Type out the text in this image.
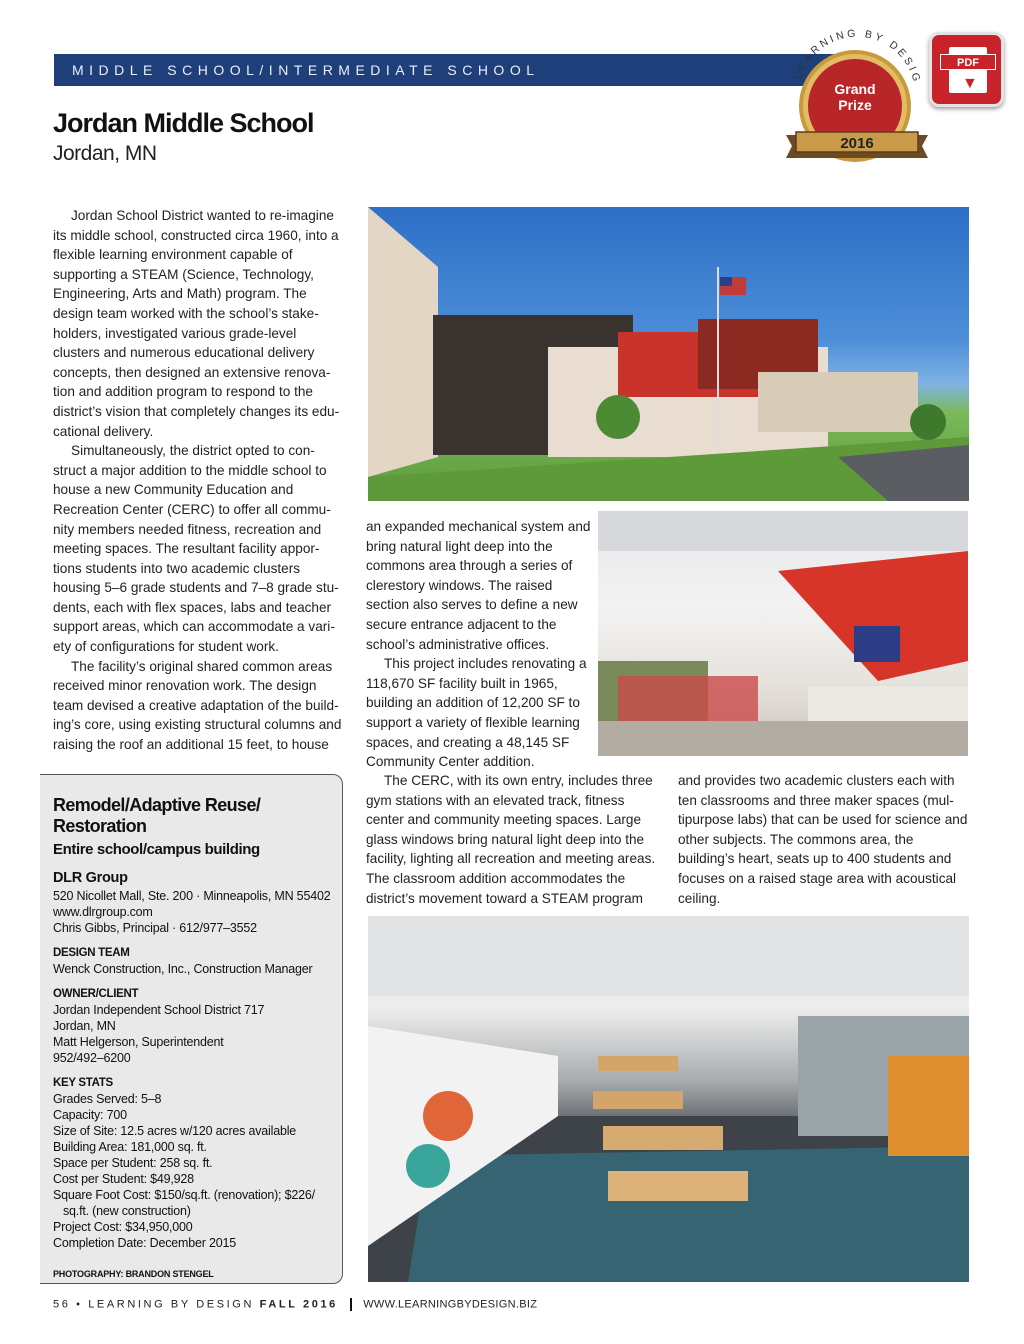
MIDDLE SCHOOL/INTERMEDIATE SCHOOL
Jordan Middle School
Jordan, MN
LEARNING BY DESIG
Grand
Prize
2016
PDF
▼

Jordan School District wanted to re-imagine its middle school, constructed circa 1960, into a flexible learning environment capable of supporting a STEAM (Science, Technology, Engineering, Arts and Math) program. The design team worked with the school’s stakeholders, investigated various grade-level clusters and numerous educational delivery concepts, then designed an extensive renovation and addition program to respond to the district’s vision that completely changes its educational delivery.

Simultaneously, the district opted to construct a major addition to the middle school to house a new Community Education and Recreation Center (CERC) to offer all community members needed fitness, recreation and meeting spaces. The resultant facility apportions students into two academic clusters housing 5–6 grade students and 7–8 grade students, each with flex spaces, labs and teacher support areas, which can accommodate a variety of configurations for student work.

The facility’s original shared common areas received minor renovation work. The design team devised a creative adaptation of the building’s core, using existing structural columns and raising the roof an additional 15 feet, to house

an expanded mechanical system and bring natural light deep into the commons area through a series of clerestory windows. The raised section also serves to define a new secure entrance adjacent to the school’s administrative offices.

This project includes renovating a 118,670 SF facility built in 1965, building an addition of 12,200 SF to support a variety of flexible learning spaces, and creating a 48,145 SF Community Center addition.

The CERC, with its own entry, includes three gym stations with an elevated track, fitness center and community meeting spaces. Large glass windows bring natural light deep into the facility, lighting all recreation and meeting areas. The classroom addition accommodates the district’s movement toward a STEAM program

and provides two academic clusters each with ten classrooms and three maker spaces (multipurpose labs) that can be used for science and other subjects. The commons area, the building’s heart, seats up to 400 students and focuses on a raised stage area with acoustical ceiling.

Remodel/Adaptive Reuse/
Restoration
Entire school/campus building
DLR Group
520 Nicollet Mall, Ste. 200 · Minneapolis, MN 55402
www.dlrgroup.com
Chris Gibbs, Principal · 612/977–3552
DESIGN TEAM
Wenck Construction, Inc., Construction Manager
OWNER/CLIENT
Jordan Independent School District 717
Jordan, MN
Matt Helgerson, Superintendent
952/492–6200
KEY STATS
Grades Served: 5–8
Capacity: 700
Size of Site: 12.5 acres w/120 acres available
Building Area: 181,000 sq. ft.
Space per Student: 258 sq. ft.
Cost per Student: $49,928
Square Foot Cost: $150/sq.ft. (renovation); $226/
sq.ft. (new construction)
Project Cost: $34,950,000
Completion Date: December 2015
PHOTOGRAPHY: BRANDON STENGEL
56 • LEARNING BY DESIGN FALL 2016 WWW.LEARNINGBYDESIGN.BIZ
